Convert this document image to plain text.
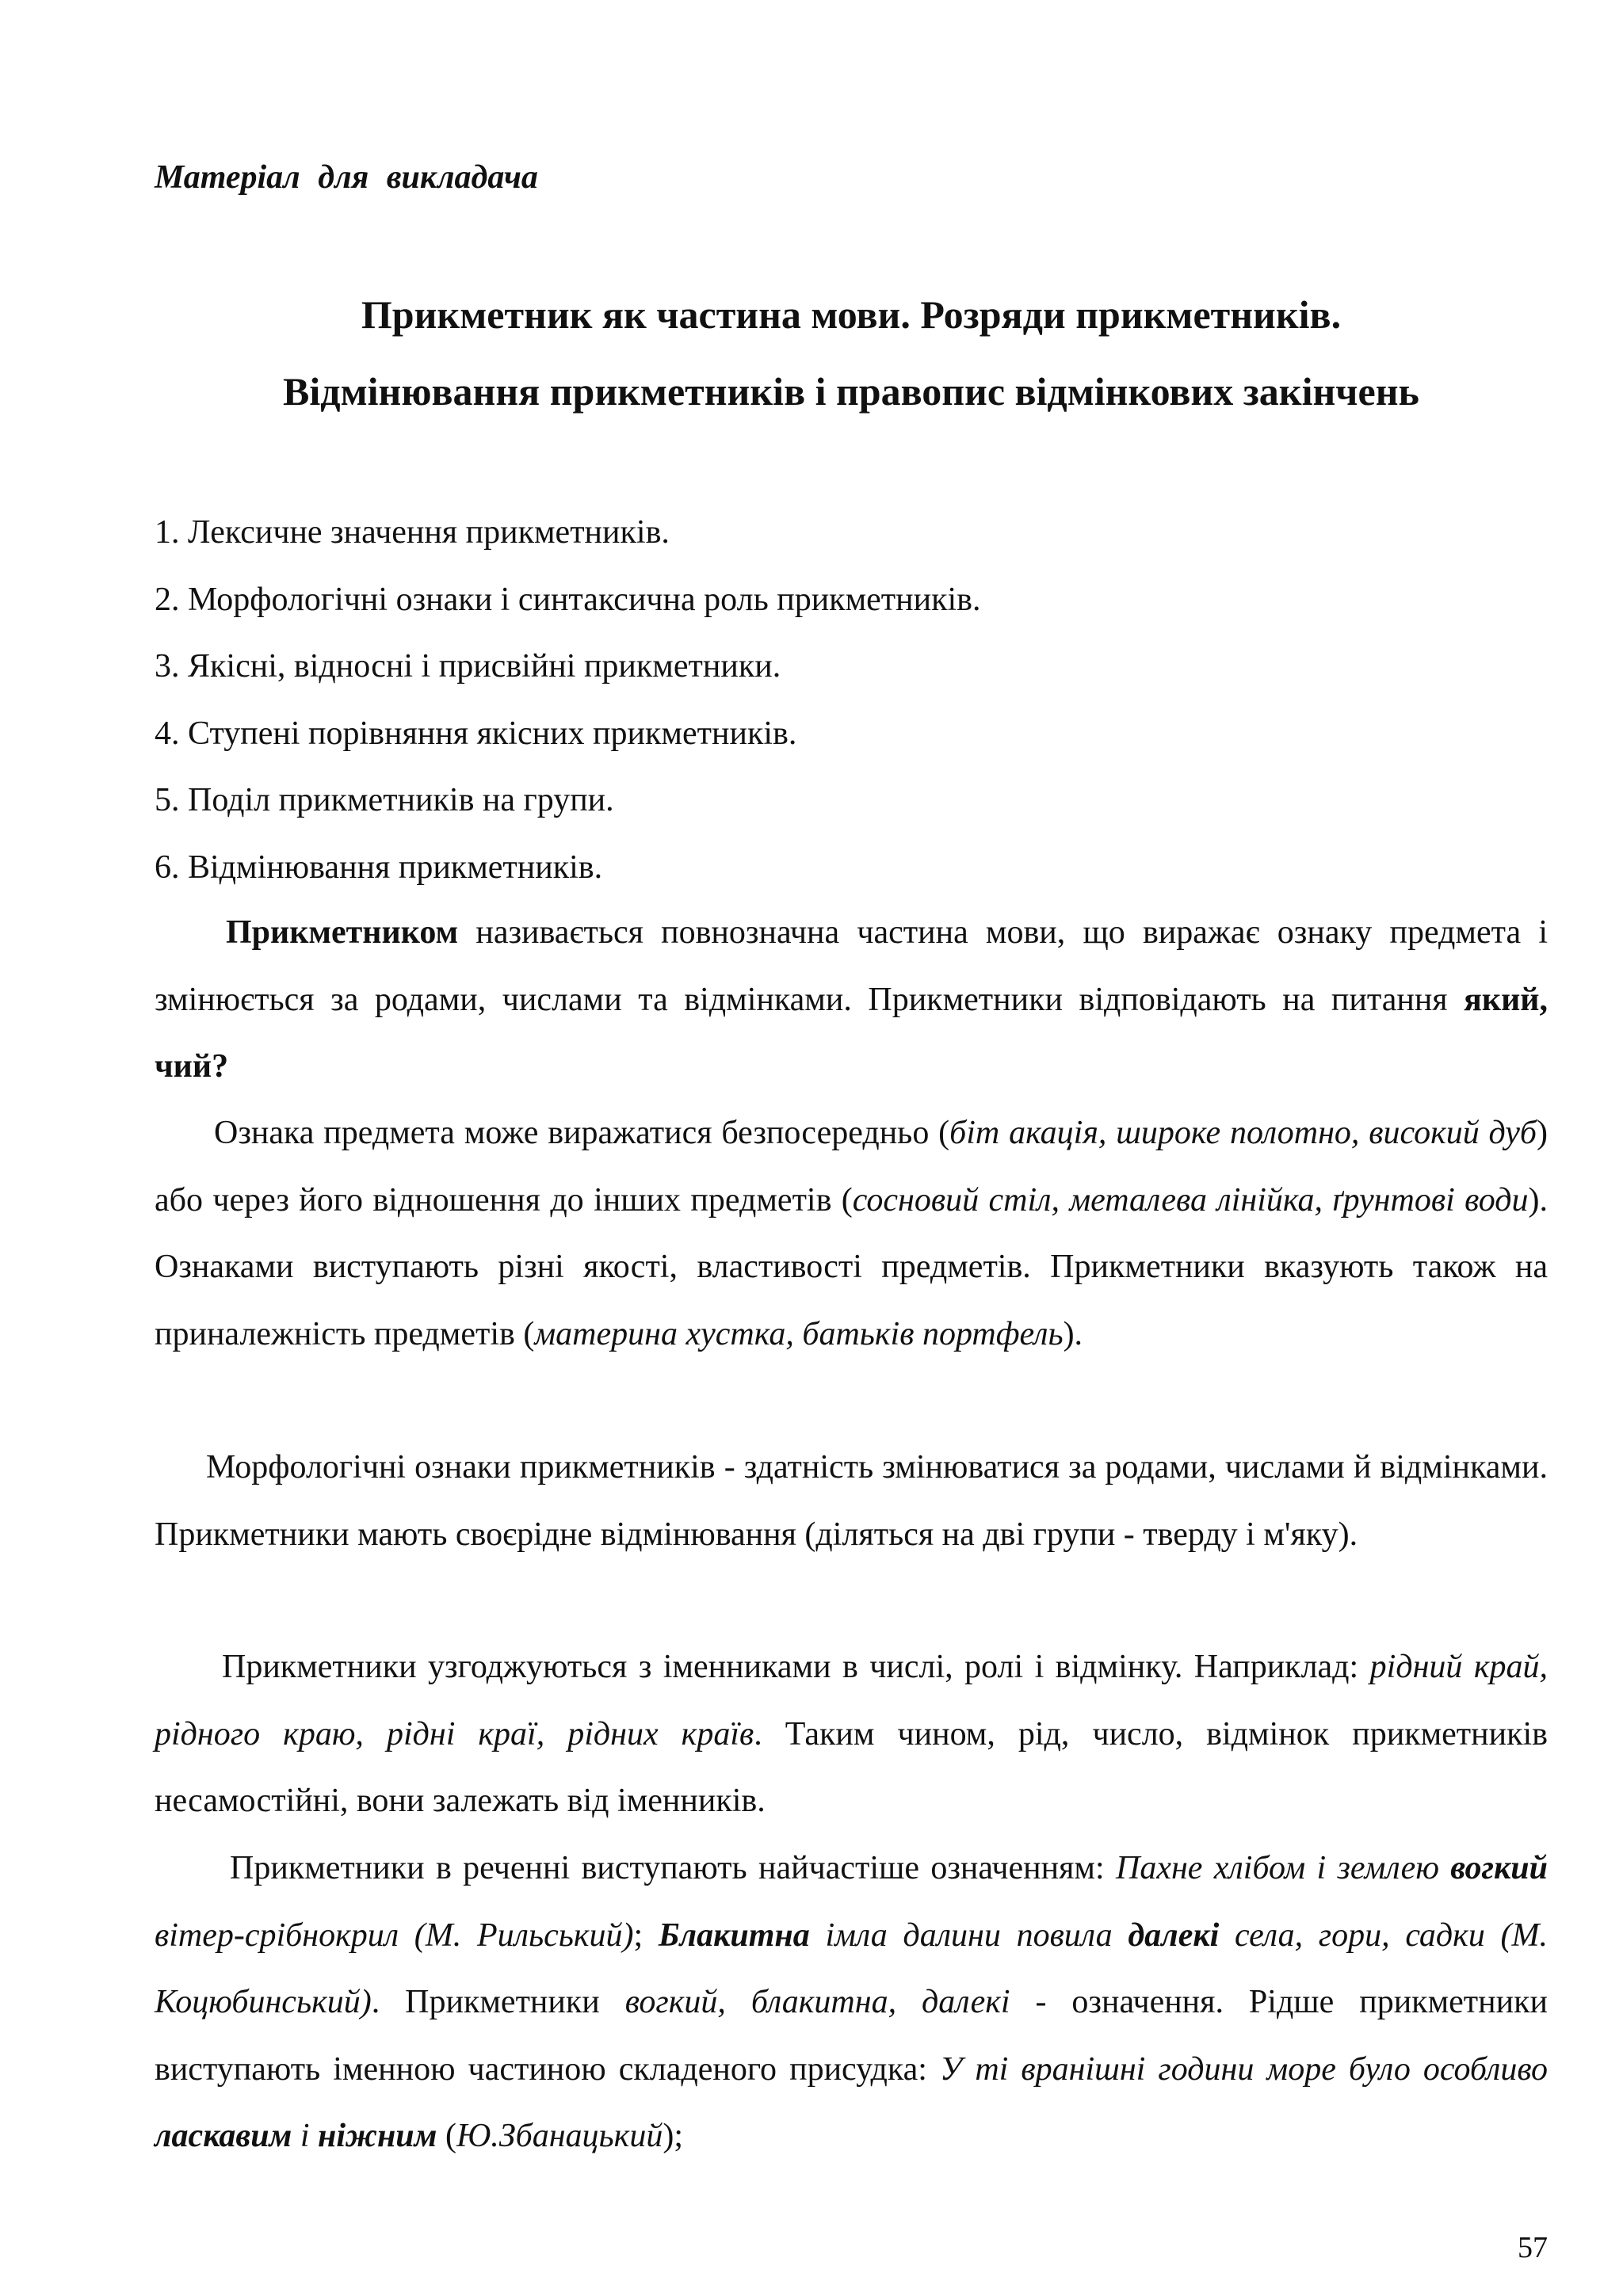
Матеріал для викладача
Прикметник як частина мови. Розряди прикметників.
Відмінювання прикметників і правопис відмінкових закінчень
1. Лексичне значення прикметників.
2. Морфологічні ознаки і синтаксична роль прикметників.
3. Якісні, відносні і присвійні прикметники.
4. Ступені порівняння якісних прикметників.
5. Поділ прикметників на групи.
6. Відмінювання прикметників.
Прикметником називається повнозначна частина мови, що виражає ознаку предмета і змінюється за родами, числами та відмінками. Прикметники відповідають на питання який, чий?
Ознака предмета може виражатися безпосередньо (біт акація, широке полотно, високий дуб) або через його відношення до інших предметів (сосновий стіл, металева лінійка, ґрунтові води). Ознаками виступають різні якості, властивості предметів. Прикметники вказують також на приналежність предметів (материна хустка, батьків портфель).
Морфологічні ознаки прикметників - здатність змінюватися за родами, числами й відмінками. Прикметники мають своєрідне відмінювання (діляться на дві групи - тверду і м'яку).
Прикметники узгоджуються з іменниками в числі, ролі і відмінку. Наприклад: рідний край, рідного краю, рідні краї, рідних країв. Таким чином, рід, число, відмінок прикметників несамостійні, вони залежать від іменників.
Прикметники в реченні виступають найчастіше означенням: Пахне хлібом і землею вогкий вітер-срібнокрил (М. Рильський); Блакитна імла далини повила далекі села, гори, садки (М. Коцюбинський). Прикметники вогкий, блакитна, далекі - означення. Рідше прикметники виступають іменною частиною складеного присудка: У ті вранішні години море було особливо ласкавим і ніжним (Ю.Збанацький);
57
